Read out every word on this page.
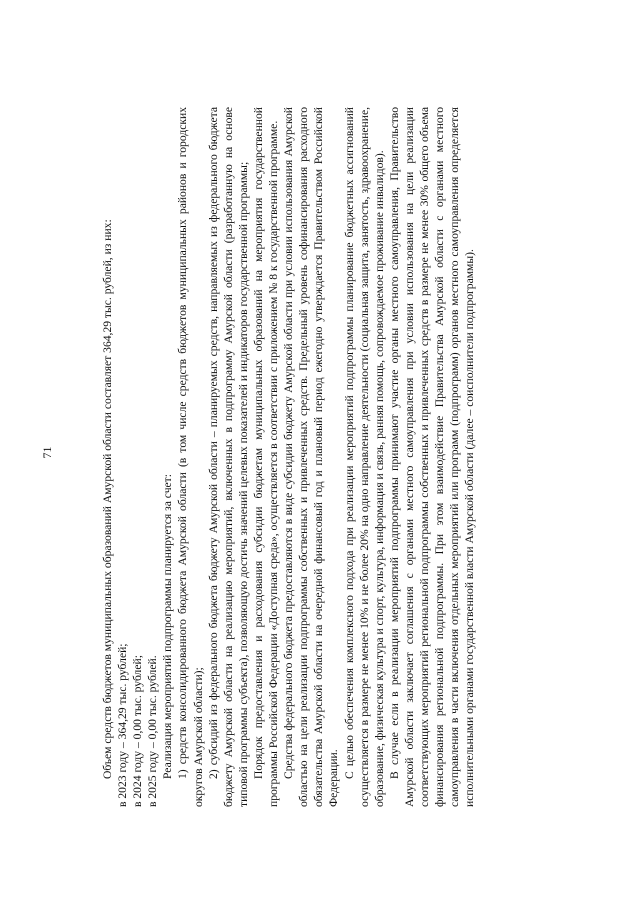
71	Объем средств бюджетов муниципальных образований Амурской области составляет 364,29 тыс. рублей, из них: в 2023 году – 364,29 тыс. рублей; в 2024 году – 0,00 тыс. рублей; в 2025 году – 0,00 тыс. рублей. Реализация мероприятий подпрограммы планируется за счет: 1) средств консолидированного бюджета Амурской области (в том числе средств бюджетов муниципальных районов и городских округов Амурской области); 2) субсидий из федерального бюджета бюджету Амурской области – планируемых средств, направляемых из федерального бюджета бюджету Амурской области на реализацию мероприятий, включенных в подпрограмму Амурской области (разработанную на основе типовой программы субъекта), позволяющую достичь значений целевых показателей и индикаторов государственной программы; Порядок предоставления и расходования субсидии бюджетам муниципальных образований на мероприятия государственной программы Российской Федерации «Доступная среда», осуществляется в соответствии с приложением № 8 к государственной программе. Средства федерального бюджета предоставляются в виде субсидии бюджету Амурской области при условии использования Амурской областью на цели реализации подпрограммы собственных и привлеченных средств. Предельный уровень софинансирования расходного обязательства Амурской области на очередной финансовый год и плановый период ежегодно утверждается Правительством Российской Федерации. С целью обеспечения комплексного подхода при реализации мероприятий подпрограммы планирование бюджетных ассигнований осуществляется в размере не менее 10% и не более 20% на одно направление деятельности (социальная защита, занятость, здравоохранение, образование, физическая культура и спорт, культура, информация и связь, ранняя помощь, сопровождаемое проживание инвалидов). В случае если в реализации мероприятий подпрограммы принимают участие органы местного самоуправления, Правительство Амурской области заключает соглашения с органами местного самоуправления при условии использования на цели реализации соответствующих мероприятий региональной подпрограммы собственных и привлеченных средств в размере не менее 30% общего объема финансирования региональной подпрограммы. При этом взаимодействие Правительства Амурской области с органами местного самоуправления в части включения отдельных мероприятий или программ (подпрограмм) органов местного самоуправления определяется исполнительными органами государственной власти Амурской области (далее – соисполнители подпрограммы).
